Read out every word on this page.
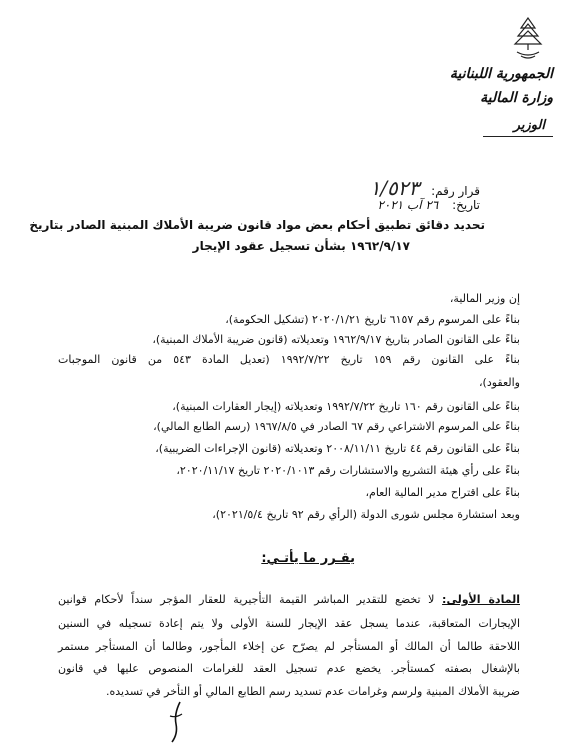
الجمهورية اللبنانية
وزارة المالية
الوزير
قرار رقم: ١/٥٢٣
تاريخ: ٢٦ آب ٢٠٢١
تحديد دقائق تطبيق أحكام بعض مواد قانون ضريبة الأملاك المبنية الصادر بتاريخ
١٩٦٢/٩/١٧ بشأن تسجيل عقود الإيجار
إن وزير المالية،
بناءً على المرسوم رقم ٦١٥٧ تاريخ ٢٠٢٠/١/٢١ (تشكيل الحكومة)،
بناءً على القانون الصادر بتاريخ ١٩٦٢/٩/١٧ وتعديلاته (قانون ضريبة الأملاك المبنية)،
بناءً على القانون رقم ١٥٩ تاريخ ١٩٩٢/٧/٢٢ (تعديل المادة ٥٤٣ من قانون الموجبات
والعقود)،
بناءً على القانون رقم ١٦٠ تاريخ ١٩٩٢/٧/٢٢ وتعديلاته (إيجار العقارات المبنية)،
بناءً على المرسوم الاشتراعي رقم ٦٧ الصادر في ١٩٦٧/٨/٥ (رسم الطابع المالي)،
بناءً على القانون رقم ٤٤ تاريخ ٢٠٠٨/١١/١١ وتعديلاته (قانون الإجراءات الضريبية)،
بناءً على رأي هيئة التشريع والاستشارات رقم ٢٠٢٠/١٠١٣ تاريخ ٢٠٢٠/١١/١٧،
بناءً على اقتراح مدير المالية العام،
وبعد استشارة مجلس شورى الدولة (الرأي رقم ٩٢ تاريخ ٢٠٢١/٥/٤)،
يقـرر ما يأتـي:
المادة الأولى: لا تخضع للتقدير المباشر القيمة التأجيرية للعقار المؤجر سنداً لأحكام قوانين
الإيجارات المتعاقبة، عندما يسجل عقد الإيجار للسنة الأولى ولا يتم إعادة تسجيله في السنين
اللاحقة طالما أن المالك أو المستأجر لم يصرّح عن إخلاء المأجور، وطالما أن المستأجر مستمر
بالإشغال بصفته كمستأجر. يخضع عدم تسجيل العقد للغرامات المنصوص عليها في قانون
ضريبة الأملاك المبنية ولرسم وغرامات عدم تسديد رسم الطابع المالي أو التأخر في تسديده.
